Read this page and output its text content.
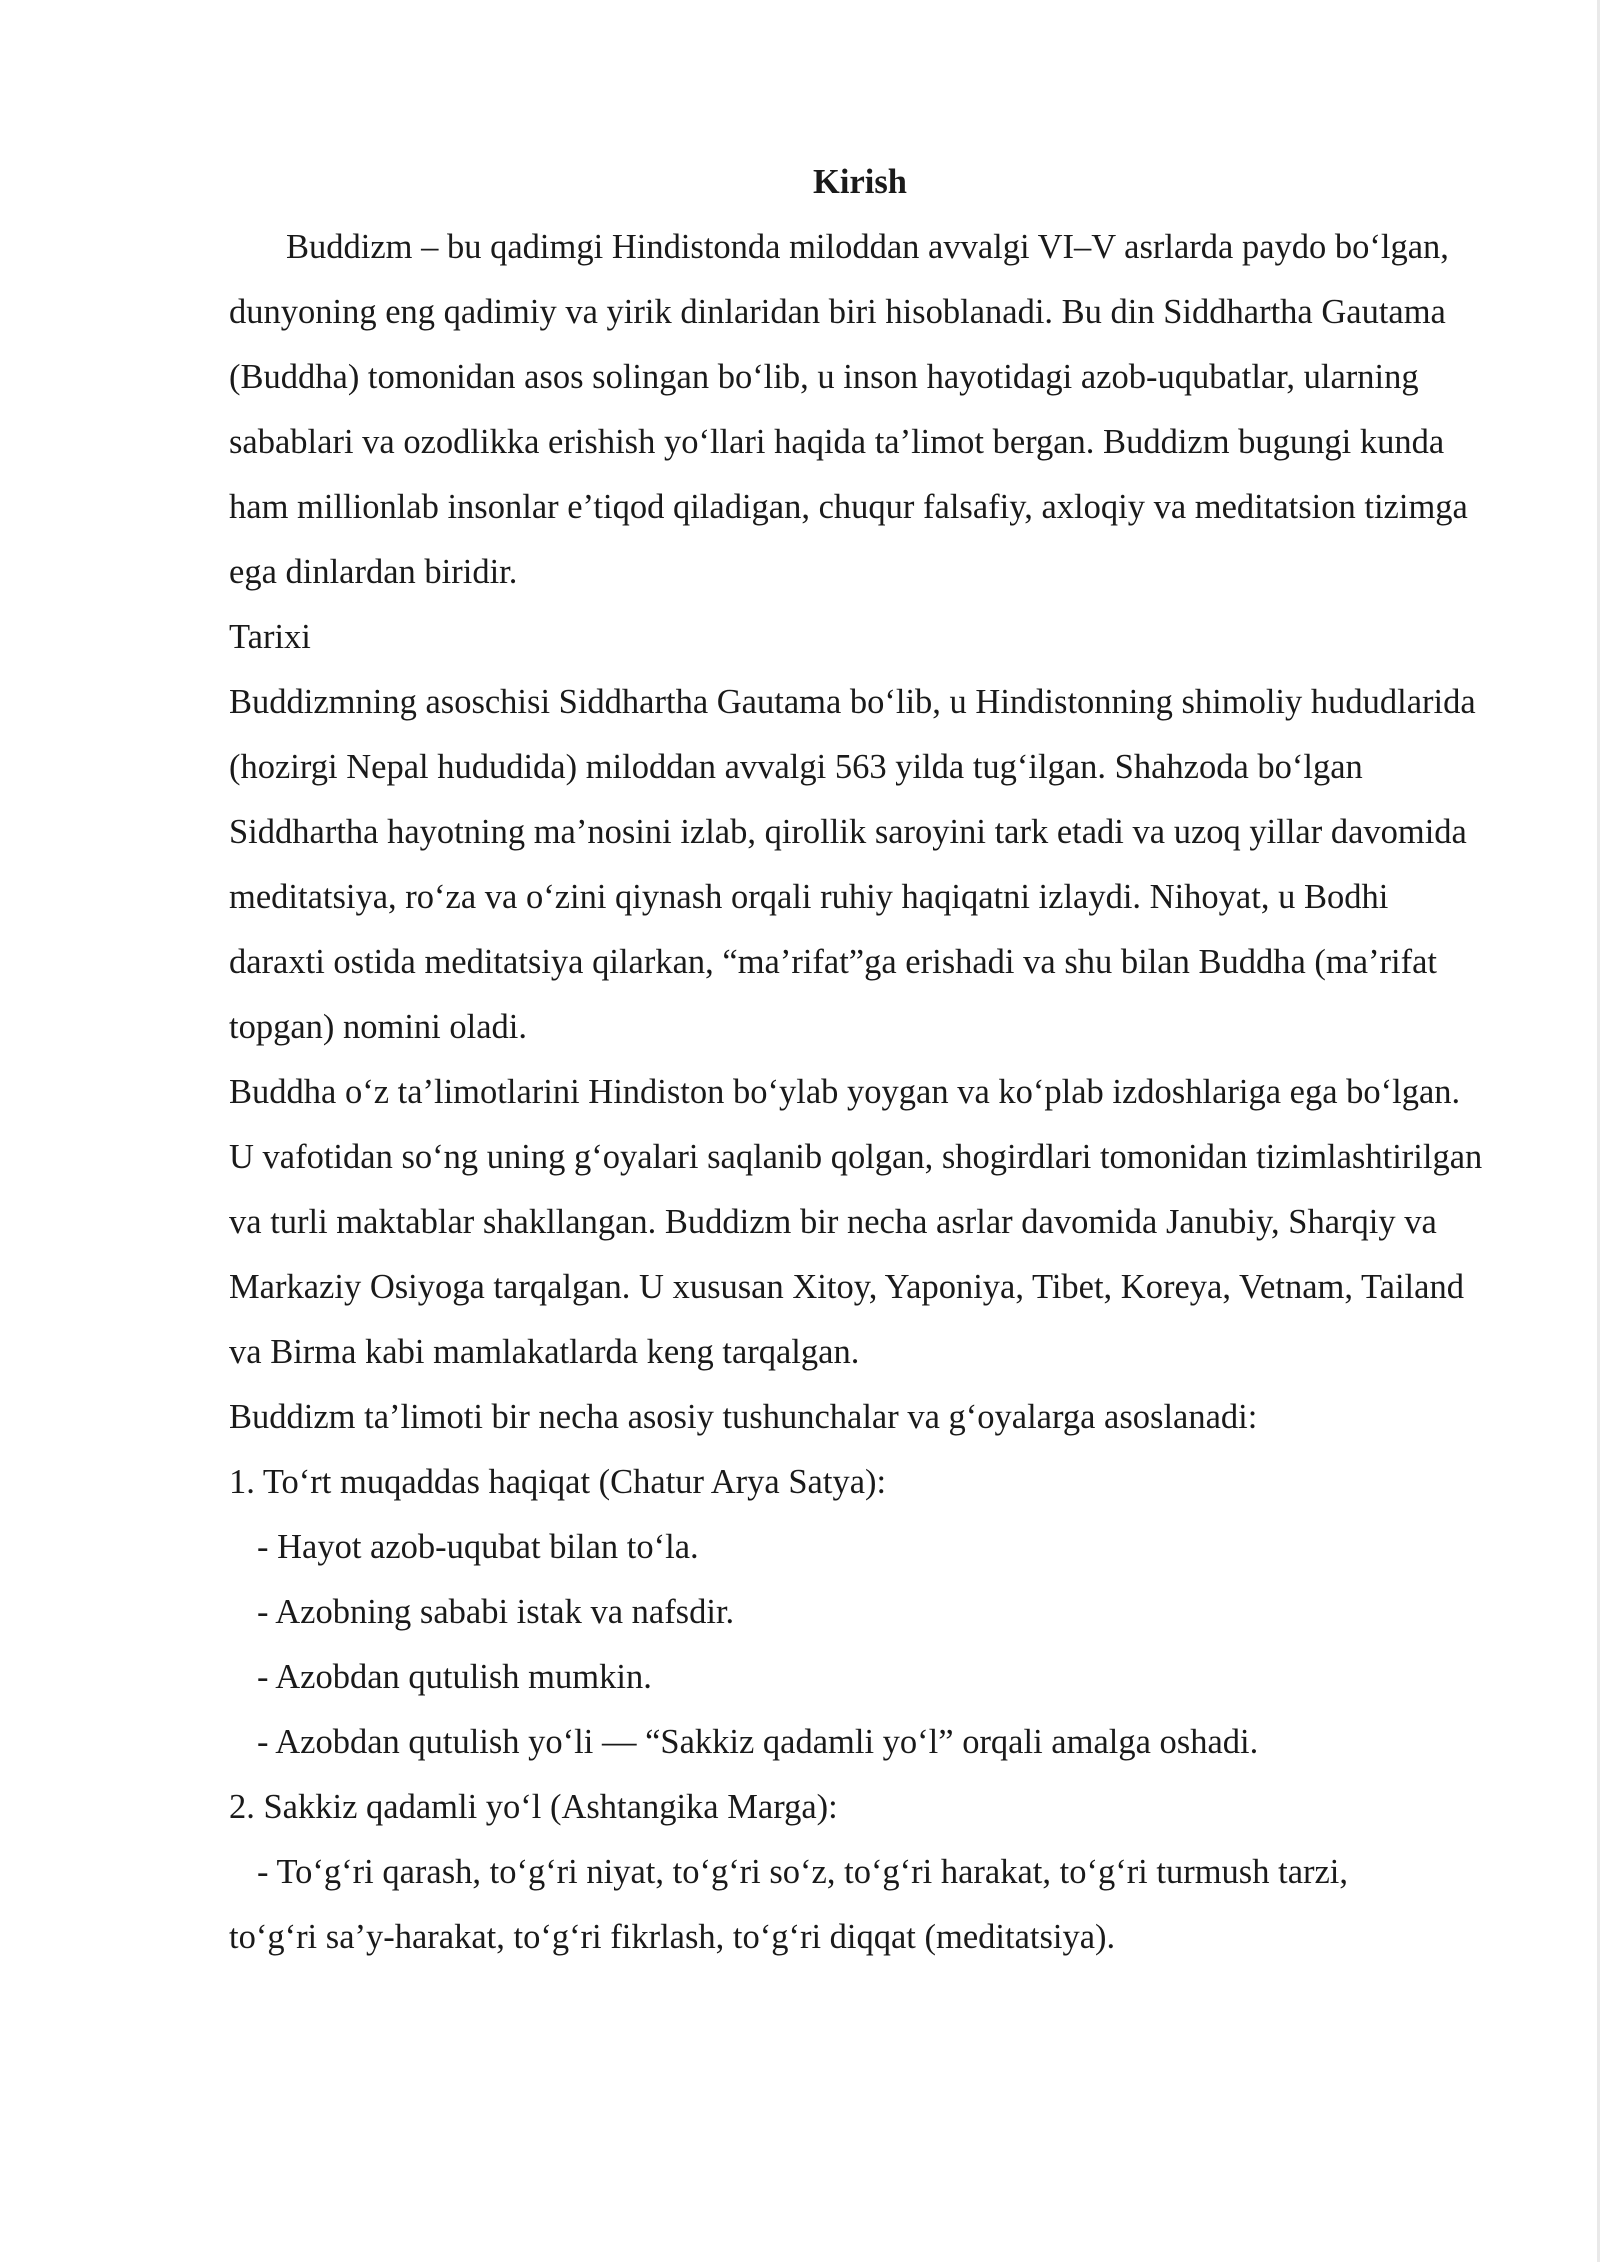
Kirish

Buddizm – bu qadimgi Hindistonda miloddan avvalgi VI–V asrlarda paydo bo‘lgan, dunyoning eng qadimiy va yirik dinlaridan biri hisoblanadi. Bu din Siddhartha Gautama (Buddha) tomonidan asos solingan bo‘lib, u inson hayotidagi azob-uqubatlar, ularning sabablari va ozodlikka erishish yo‘llari haqida ta’limot bergan. Buddizm bugungi kunda ham millionlab insonlar e’tiqod qiladigan, chuqur falsafiy, axloqiy va meditatsion tizimga ega dinlardan biridir.

Tarixi

Buddizmning asoschisi Siddhartha Gautama bo‘lib, u Hindistonning shimoliy hududlarida (hozirgi Nepal hududida) miloddan avvalgi 563 yilda tug‘ilgan. Shahzoda bo‘lgan Siddhartha hayotning ma’nosini izlab, qirollik saroyini tark etadi va uzoq yillar davomida meditatsiya, ro‘za va o‘zini qiynash orqali ruhiy haqiqatni izlaydi. Nihoyat, u Bodhi daraxti ostida meditatsiya qilarkan, “ma’rifat”ga erishadi va shu bilan Buddha (ma’rifat topgan) nomini oladi.

Buddha o‘z ta’limotlarini Hindiston bo‘ylab yoygan va ko‘plab izdoshlariga ega bo‘lgan. U vafotidan so‘ng uning g‘oyalari saqlanib qolgan, shogirdlari tomonidan tizimlashtirilgan va turli maktablar shakllangan. Buddizm bir necha asrlar davomida Janubiy, Sharqiy va Markaziy Osiyoga tarqalgan. U xususan Xitoy, Yaponiya, Tibet, Koreya, Vetnam, Tailand va Birma kabi mamlakatlarda keng tarqalgan.

Buddizm ta’limoti bir necha asosiy tushunchalar va g‘oyalarga asoslanadi:

1. To‘rt muqaddas haqiqat (Chatur Arya Satya):

- Hayot azob-uqubat bilan to‘la.

- Azobning sababi istak va nafsdir.

- Azobdan qutulish mumkin.

- Azobdan qutulish yo‘li — “Sakkiz qadamli yo‘l” orqali amalga oshadi.

2. Sakkiz qadamli yo‘l (Ashtangika Marga):

- To‘g‘ri qarash, to‘g‘ri niyat, to‘g‘ri so‘z, to‘g‘ri harakat, to‘g‘ri turmush tarzi,

to‘g‘ri sa’y-harakat, to‘g‘ri fikrlash, to‘g‘ri diqqat (meditatsiya).
